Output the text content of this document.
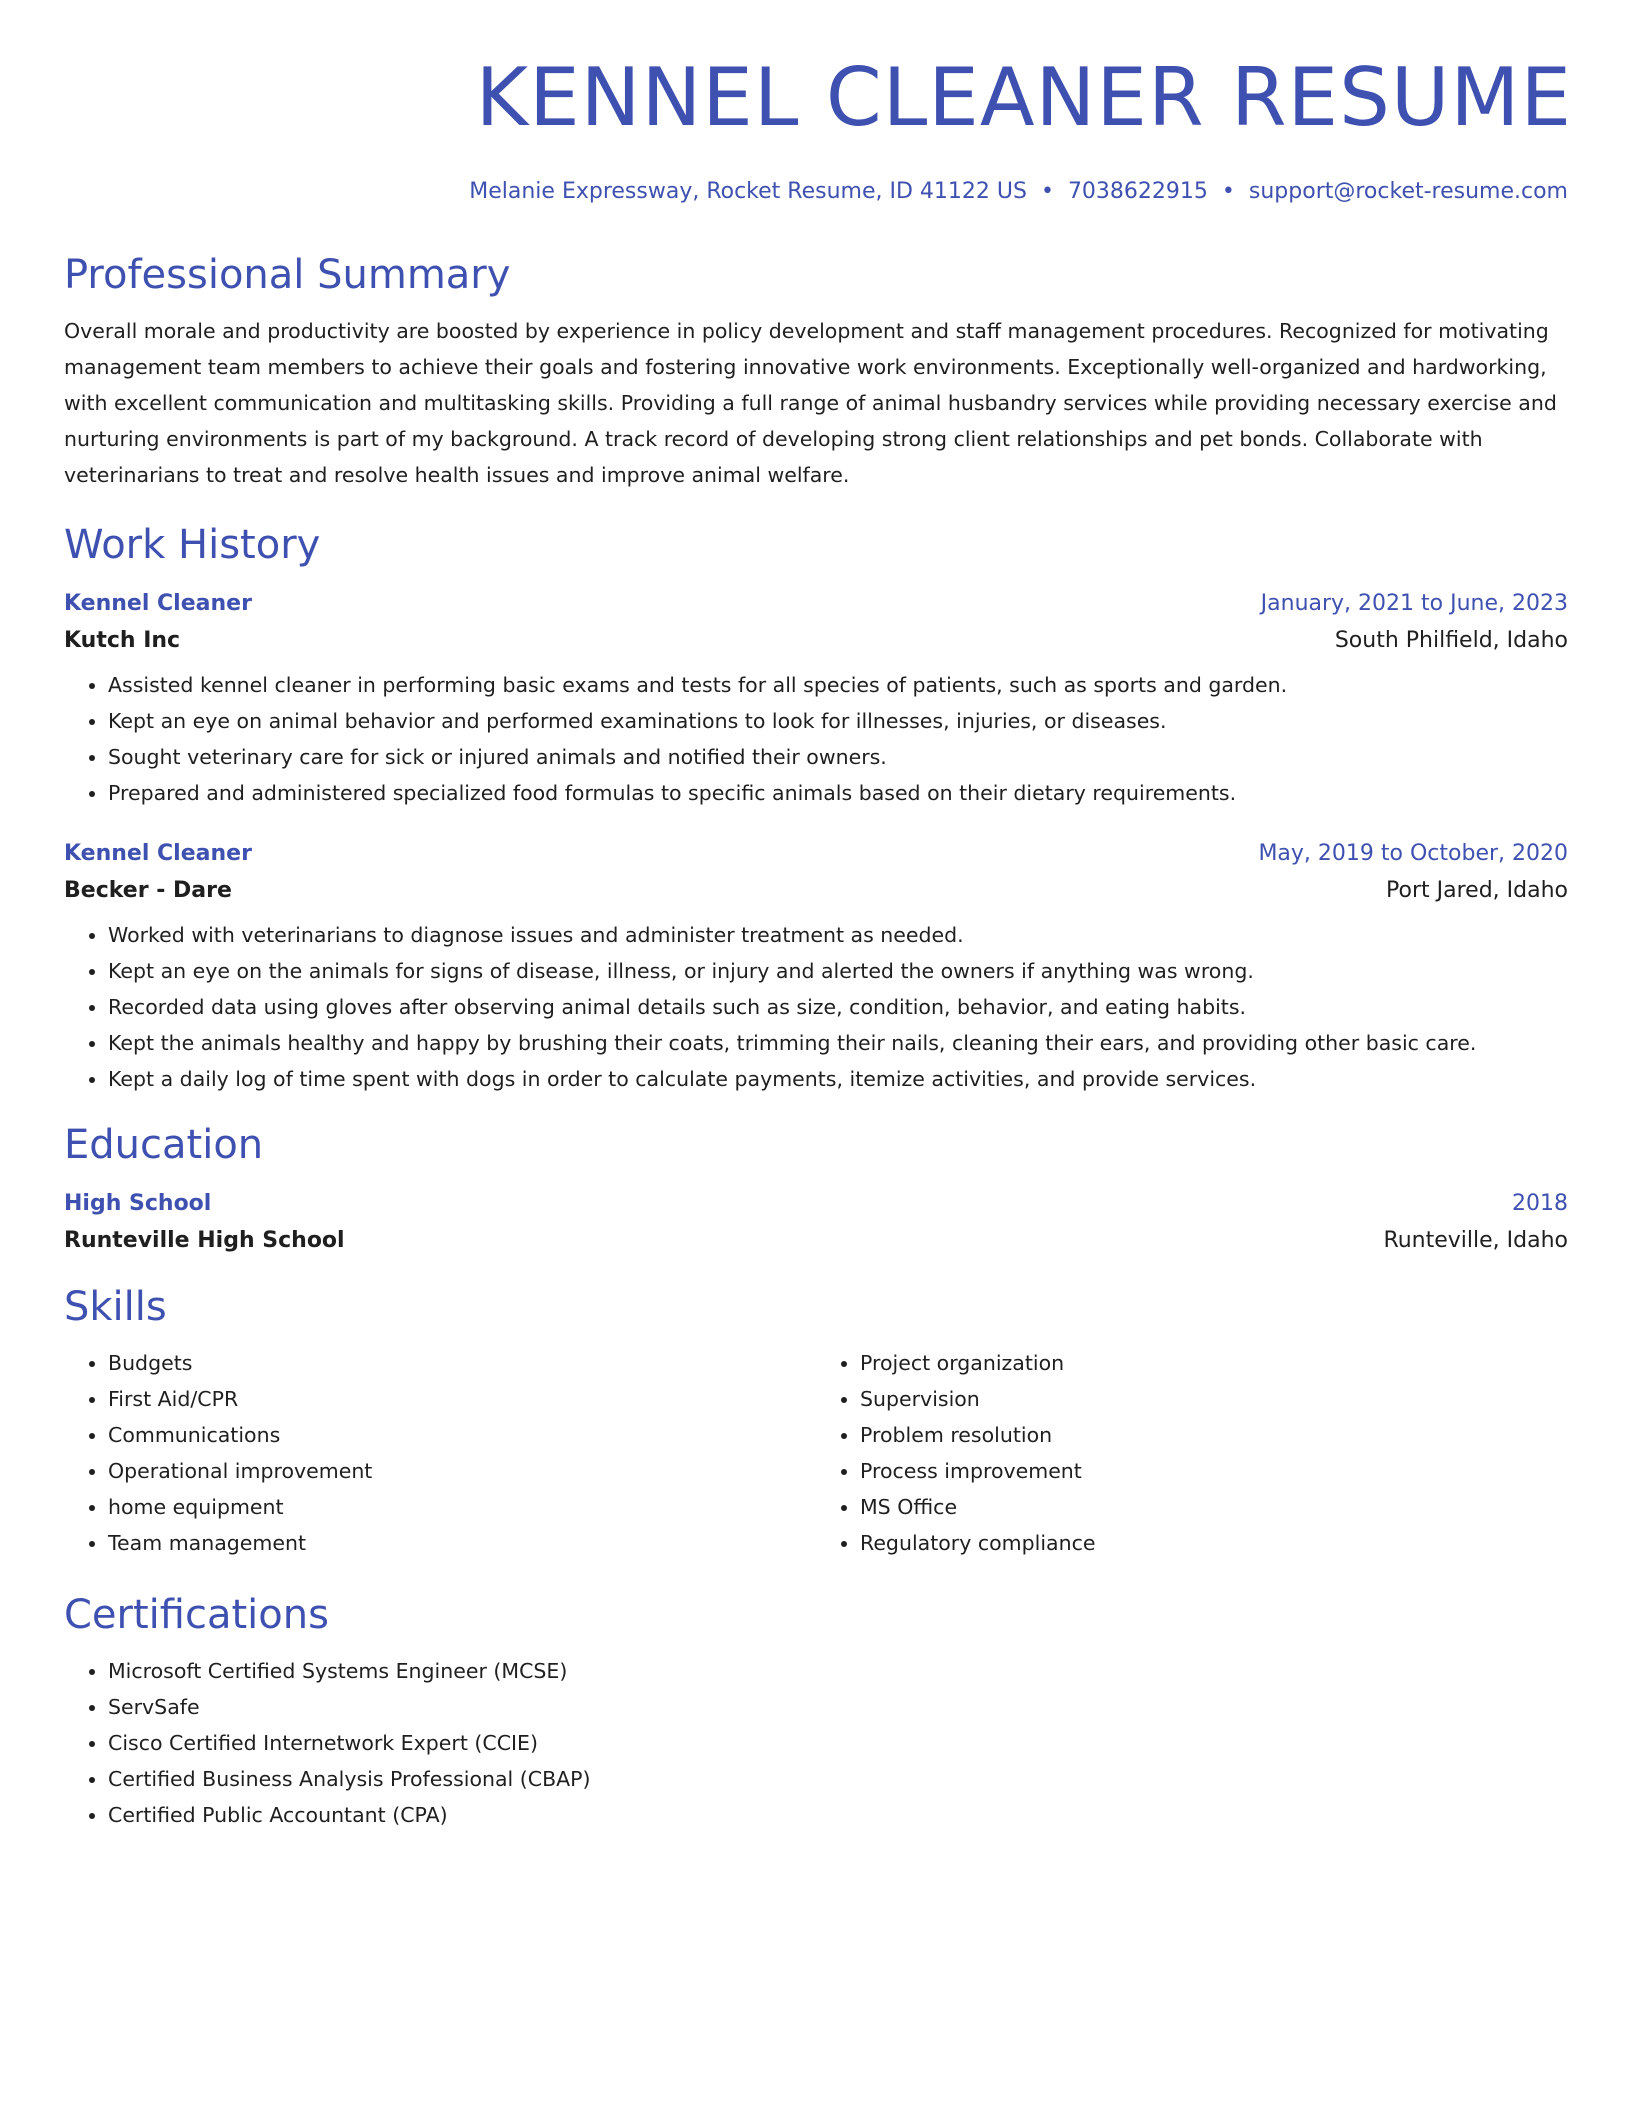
KENNEL CLEANER RESUME
Melanie Expressway, Rocket Resume, ID 41122 US • 7038622915 • support@rocket-resume.com
Professional Summary
Overall morale and productivity are boosted by experience in policy development and staff management procedures. Recognized for motivating management team members to achieve their goals and fostering innovative work environments. Exceptionally well-organized and hardworking, with excellent communication and multitasking skills. Providing a full range of animal husbandry services while providing necessary exercise and nurturing environments is part of my background. A track record of developing strong client relationships and pet bonds. Collaborate with veterinarians to treat and resolve health issues and improve animal welfare.
Work History
Kennel Cleaner	January, 2021 to June, 2023
Kutch Inc	South Philfield, Idaho
• Assisted kennel cleaner in performing basic exams and tests for all species of patients, such as sports and garden.
• Kept an eye on animal behavior and performed examinations to look for illnesses, injuries, or diseases.
• Sought veterinary care for sick or injured animals and notified their owners.
• Prepared and administered specialized food formulas to specific animals based on their dietary requirements.
Kennel Cleaner	May, 2019 to October, 2020
Becker - Dare	Port Jared, Idaho
• Worked with veterinarians to diagnose issues and administer treatment as needed.
• Kept an eye on the animals for signs of disease, illness, or injury and alerted the owners if anything was wrong.
• Recorded data using gloves after observing animal details such as size, condition, behavior, and eating habits.
• Kept the animals healthy and happy by brushing their coats, trimming their nails, cleaning their ears, and providing other basic care.
• Kept a daily log of time spent with dogs in order to calculate payments, itemize activities, and provide services.
Education
High School	2018
Runteville High School	Runteville, Idaho
Skills
• Budgets
• First Aid/CPR
• Communications
• Operational improvement
• home equipment
• Team management
• Project organization
• Supervision
• Problem resolution
• Process improvement
• MS Office
• Regulatory compliance
Certifications
• Microsoft Certified Systems Engineer (MCSE)
• ServSafe
• Cisco Certified Internetwork Expert (CCIE)
• Certified Business Analysis Professional (CBAP)
• Certified Public Accountant (CPA)
